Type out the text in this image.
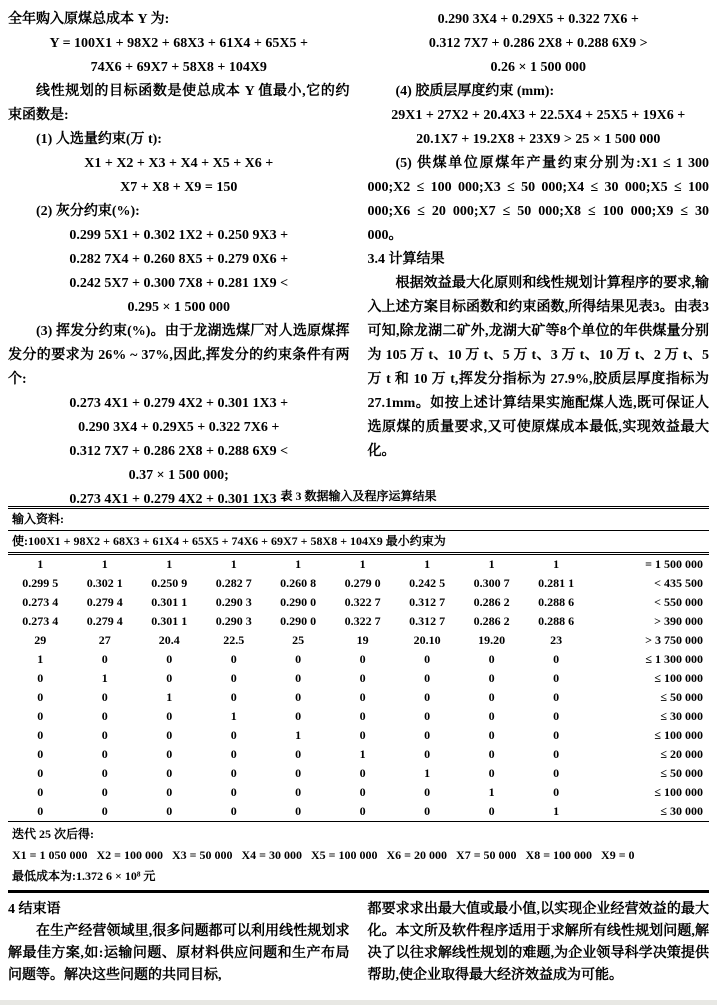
全年购入原煤总成本 Y 为:
Y = 100X1 + 98X2 + 68X3 + 61X4 + 65X5 +
74X6 + 69X7 + 58X8 + 104X9
线性规划的目标函数是使总成本 Y 值最小,它的约束函数是:
(1) 人选量约束(万 t):
X1 + X2 + X3 + X4 + X5 + X6 +
X7 + X8 + X9 = 150
(2) 灰分约束(%):
0.299 5X1 + 0.302 1X2 + 0.250 9X3 +
0.282 7X4 + 0.260 8X5 + 0.279 0X6 +
0.242 5X7 + 0.300 7X8 + 0.281 1X9 <
0.295 × 1 500 000
(3) 挥发分约束(%)。由于龙湖选煤厂对人选原煤挥发分的要求为 26% ~ 37%,因此,挥发分的约束条件有两个:
0.273 4X1 + 0.279 4X2 + 0.301 1X3 +
0.290 3X4 + 0.29X5 + 0.322 7X6 +
0.312 7X7 + 0.286 2X8 + 0.288 6X9 <
0.37 × 1 500 000;
0.273 4X1 + 0.279 4X2 + 0.301 1X3 +
0.290 3X4 + 0.29X5 + 0.322 7X6 +
0.312 7X7 + 0.286 2X8 + 0.288 6X9 >
0.26 × 1 500 000
(4) 胶质层厚度约束 (mm):
29X1 + 27X2 + 20.4X3 + 22.5X4 + 25X5 + 19X6 +
20.1X7 + 19.2X8 + 23X9 > 25 × 1 500 000
(5) 供煤单位原煤年产量约束分别为:X1 ≤ 1 300 000;X2 ≤ 100 000;X3 ≤ 50 000;X4 ≤ 30 000;X5 ≤ 100 000;X6 ≤ 20 000;X7 ≤ 50 000;X8 ≤ 100 000;X9 ≤ 30 000。
3.4 计算结果
根据效益最大化原则和线性规划计算程序的要求,输入上述方案目标函数和约束函数,所得结果见表3。由表3可知,除龙湖二矿外,龙湖大矿等8个单位的年供煤量分别为 105 万 t、10 万 t、5 万 t、3 万 t、10 万 t、2 万 t、5 万 t 和 10 万 t,挥发分指标为 27.9%,胶质层厚度指标为 27.1mm。如按上述计算结果实施配煤人选,既可保证人选原煤的质量要求,又可使原煤成本最低,实现效益最大化。
表 3 数据输入及程序运算结果
输入资料:
使:100X1 + 98X2 + 68X3 + 61X4 + 65X5 + 74X6 + 69X7 + 58X8 + 104X9 最小约束为
1	1	1	1	1	1	1	1	1	= 1 500 000
0.299 5	0.302 1	0.250 9	0.282 7	0.260 8	0.279 0	0.242 5	0.300 7	0.281 1	< 435 500
0.273 4	0.279 4	0.301 1	0.290 3	0.290 0	0.322 7	0.312 7	0.286 2	0.288 6	< 550 000
0.273 4	0.279 4	0.301 1	0.290 3	0.290 0	0.322 7	0.312 7	0.286 2	0.288 6	> 390 000
29	27	20.4	22.5	25	19	20.10	19.20	23	> 3 750 000
1	0	0	0	0	0	0	0	0	≤ 1 300 000
0	1	0	0	0	0	0	0	0	≤ 100 000
0	0	1	0	0	0	0	0	0	≤ 50 000
0	0	0	1	0	0	0	0	0	≤ 30 000
0	0	0	0	1	0	0	0	0	≤ 100 000
0	0	0	0	0	1	0	0	0	≤ 20 000
0	0	0	0	0	0	1	0	0	≤ 50 000
0	0	0	0	0	0	0	1	0	≤ 100 000
0	0	0	0	0	0	0	0	1	≤ 30 000
迭代 25 次后得:
X1 = 1 050 000   X2 = 100 000   X3 = 50 000   X4 = 30 000   X5 = 100 000   X6 = 20 000   X7 = 50 000   X8 = 100 000   X9 = 0
最低成本为:1.372 6 × 10⁸ 元
4 结束语
在生产经营领域里,很多问题都可以利用线性规划求解最佳方案,如:运输问题、原材料供应问题和生产布局问题等。解决这些问题的共同目标,
都要求求出最大值或最小值,以实现企业经营效益的最大化。本文所及软件程序适用于求解所有线性规划问题,解决了以往求解线性规划的难题,为企业领导科学决策提供帮助,使企业取得最大经济效益成为可能。
